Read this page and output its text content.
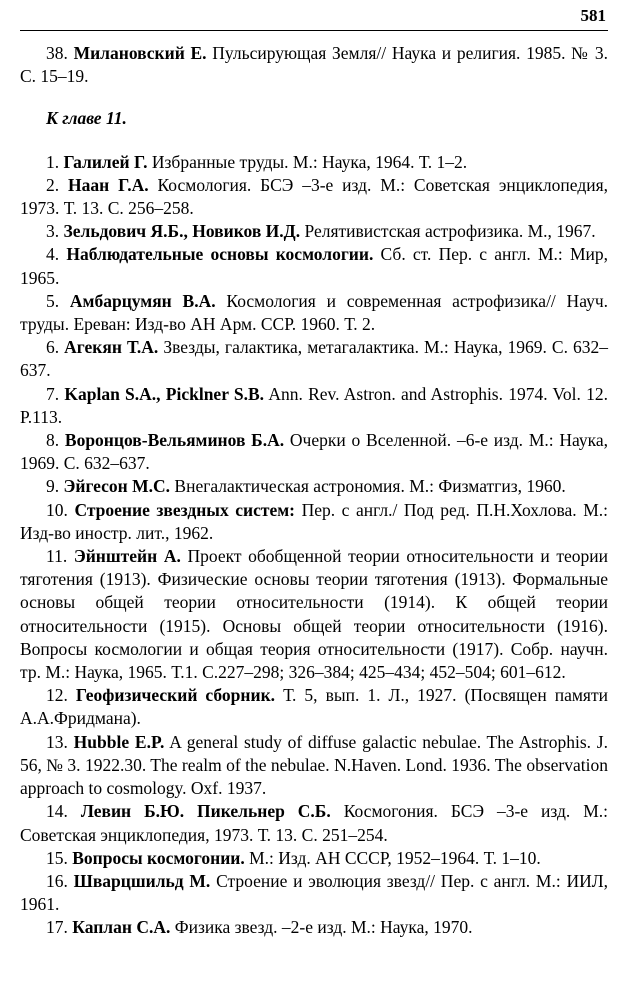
581

38. Милановский Е. Пульсирующая Земля// Наука и религия. 1985. № 3. С. 15–19.

К главе 11.

1. Галилей Г. Избранные труды. М.: Наука, 1964. Т. 1–2.

2. Наан Г.А. Космология. БСЭ –3-е изд. М.: Советская энциклопедия, 1973. Т. 13. С. 256–258.

3. Зельдович Я.Б., Новиков И.Д. Релятивистская астрофизика. М., 1967.

4. Наблюдательные основы космологии. Сб. ст. Пер. с англ. М.: Мир, 1965.

5. Амбарцумян В.А. Космология и современная астрофизика// Науч. труды. Ереван: Изд-во АН Арм. ССР. 1960. Т. 2.

6. Агекян Т.А. Звезды, галактика, метагалактика. М.: Наука, 1969. С. 632–637.

7. Kaplan S.A., Picklner S.B. Ann. Rev. Astron. and Astrophis. 1974. Vol. 12. P.113.

8. Воронцов-Вельяминов Б.А. Очерки о Вселенной. –6-е изд. М.: Наука, 1969. С. 632–637.

9. Эйгесон М.С. Внегалактическая астрономия. М.: Физматгиз, 1960.

10. Строение звездных систем: Пер. с англ./ Под ред. П.Н.Хохлова. М.: Изд-во иностр. лит., 1962.

11. Эйнштейн А. Проект обобщенной теории относительности и теории тяготения (1913). Физические основы теории тяготения (1913). Формальные основы общей теории относительности (1914). К общей теории относительности (1915). Основы общей теории относительности (1916). Вопросы космологии и общая теория относительности (1917). Собр. научн. тр. М.: Наука, 1965. Т.1. С.227–298; 326–384; 425–434; 452–504; 601–612.

12. Геофизический сборник. Т. 5, вып. 1. Л., 1927. (Посвящен памяти А.А.Фридмана).

13. Hubble E.P. A general study of diffuse galactic nebulae. The Astrophis. J. 56, № 3. 1922.30. The realm of the nebulae. N.Haven. Lond. 1936. The observation approach to cosmology. Oxf. 1937.

14. Левин Б.Ю. Пикельнер С.Б. Космогония. БСЭ –3-е изд. М.: Советская энциклопедия, 1973. Т. 13. С. 251–254.

15. Вопросы космогонии. М.: Изд. АН СССР, 1952–1964. Т. 1–10.

16. Шварцшильд М. Строение и эволюция звезд// Пер. с англ. М.: ИИЛ, 1961.

17. Каплан С.А. Физика звезд. –2-е изд. М.: Наука, 1970.
